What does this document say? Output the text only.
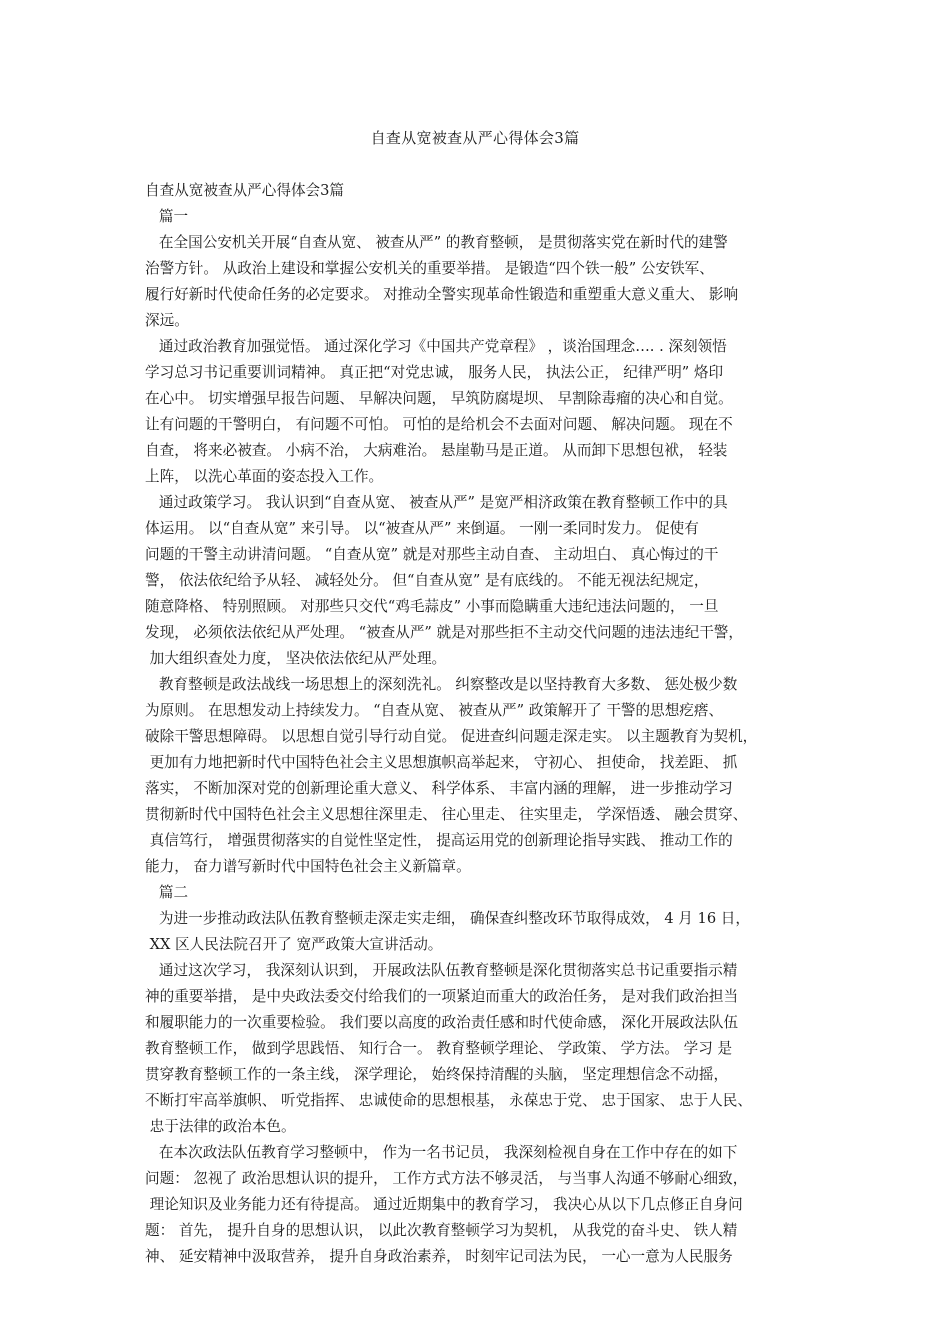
自查从宽被查从严心得体会3篇
自查从宽被查从严心得体会3篇
篇一
在全国公安机关开展“自查从宽、 被查从严” 的教育整顿， 是贯彻落实党在新时代的建警
治警方针。 从政治上建设和掌握公安机关的重要举措。 是锻造“四个铁一般” 公安铁军、
履行好新时代使命任务的必定要求。 对推动全警实现革命性锻造和重塑重大意义重大、 影响
深远。
通过政治教育加强觉悟。 通过深化学习《中国共产党章程》 ，谈治国理念…. . 深刻领悟
学习总习书记重要训词精神。 真正把“对党忠诚， 服务人民， 执法公正， 纪律严明” 烙印
在心中。 切实增强早报告问题、 早解决问题， 早筑防腐堤坝、 早割除毒瘤的决心和自觉。
让有问题的干警明白， 有问题不可怕。 可怕的是给机会不去面对问题、 解决问题。 现在不
自查， 将来必被查。 小病不治， 大病难治。 悬崖勒马是正道。 从而卸下思想包袱， 轻装
上阵， 以洗心革面的姿态投入工作。
通过政策学习。 我认识到“自查从宽、 被查从严” 是宽严相济政策在教育整顿工作中的具
体运用。 以“自查从宽” 来引导。 以“被查从严” 来倒逼。 一刚一柔同时发力。 促使有
问题的干警主动讲清问题。 “自查从宽” 就是对那些主动自查、 主动坦白、 真心悔过的干
警， 依法依纪给予从轻、 减轻处分。 但“自查从宽” 是有底线的。 不能无视法纪规定，
随意降格、 特别照顾。 对那些只交代“鸡毛蒜皮” 小事而隐瞒重大违纪违法问题的， 一旦
发现， 必须依法依纪从严处理。 “被查从严” 就是对那些拒不主动交代问题的违法违纪干警，
加大组织查处力度， 坚决依法依纪从严处理。
教育整顿是政法战线一场思想上的深刻洗礼。 纠察整改是以坚持教育大多数、 惩处极少数
为原则。 在思想发动上持续发力。 “自查从宽、 被查从严” 政策解开了 干警的思想疙瘩、
破除干警思想障碍。 以思想自觉引导行动自觉。 促进查纠问题走深走实。 以主题教育为契机，
更加有力地把新时代中国特色社会主义思想旗帜高举起来， 守初心、 担使命， 找差距、 抓
落实， 不断加深对党的创新理论重大意义、 科学体系、 丰富内涵的理解， 进一步推动学习
贯彻新时代中国特色社会主义思想往深里走、 往心里走、 往实里走， 学深悟透、 融会贯穿、
真信笃行， 增强贯彻落实的自觉性坚定性， 提高运用党的创新理论指导实践、 推动工作的
能力， 奋力谱写新时代中国特色社会主义新篇章。
篇二
为进一步推动政法队伍教育整顿走深走实走细， 确保查纠整改环节取得成效， 4 月 16 日，
XX 区人民法院召开了 宽严政策大宣讲活动。
通过这次学习， 我深刻认识到， 开展政法队伍教育整顿是深化贯彻落实总书记重要指示精
神的重要举措， 是中央政法委交付给我们的一项紧迫而重大的政治任务， 是对我们政治担当
和履职能力的一次重要检验。 我们要以高度的政治责任感和时代使命感， 深化开展政法队伍
教育整顿工作， 做到学思践悟、 知行合一。 教育整顿学理论、 学政策、 学方法。 学习 是
贯穿教育整顿工作的一条主线， 深学理论， 始终保持清醒的头脑， 坚定理想信念不动摇，
不断打牢高举旗帜、 听党指挥、 忠诚使命的思想根基， 永葆忠于党、 忠于国家、 忠于人民、
忠于法律的政治本色。
在本次政法队伍教育学习整顿中， 作为一名书记员， 我深刻检视自身在工作中存在的如下
问题： 忽视了 政治思想认识的提升， 工作方式方法不够灵活， 与当事人沟通不够耐心细致，
理论知识及业务能力还有待提高。 通过近期集中的教育学习， 我决心从以下几点修正自身问
题： 首先， 提升自身的思想认识， 以此次教育整顿学习为契机， 从我党的奋斗史、 铁人精
神、 延安精神中汲取营养， 提升自身政治素养， 时刻牢记司法为民， 一心一意为人民服务
